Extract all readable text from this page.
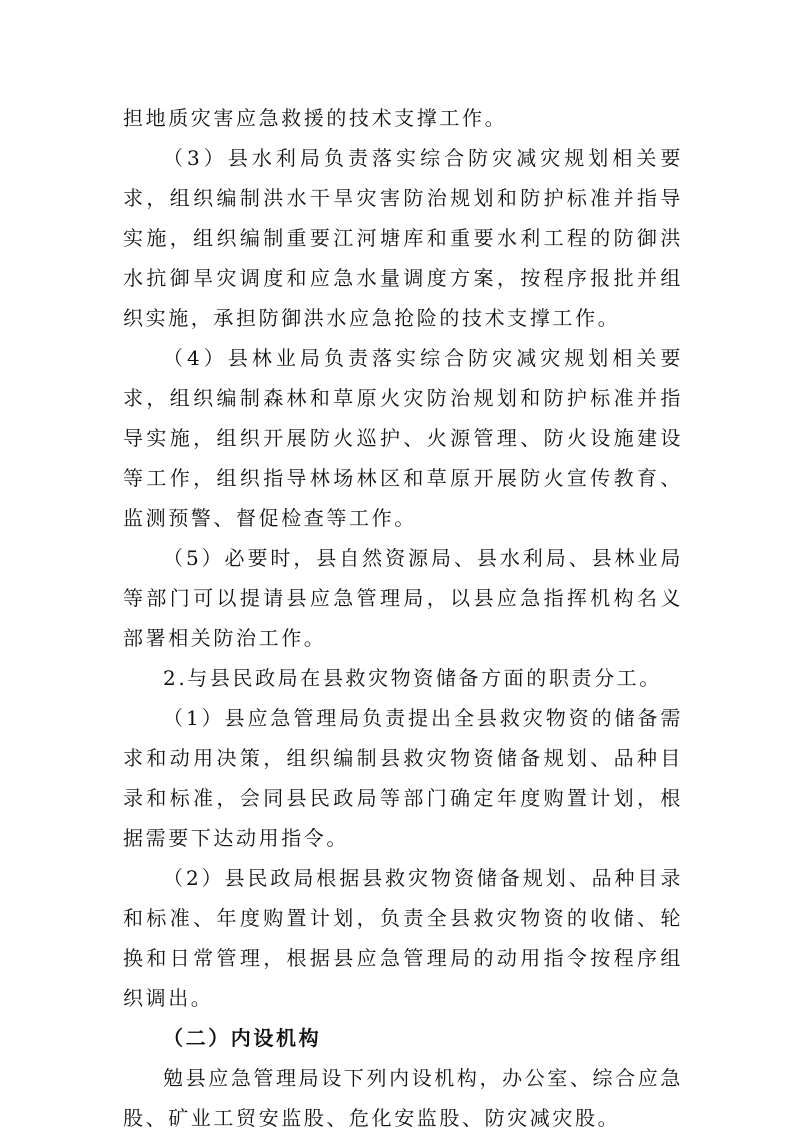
担地质灾害应急救援的技术支撑工作。

（3）县水利局负责落实综合防灾减灾规划相关要求，组织编制洪水干旱灾害防治规划和防护标准并指导实施，组织编制重要江河塘库和重要水利工程的防御洪水抗御旱灾调度和应急水量调度方案，按程序报批并组织实施，承担防御洪水应急抢险的技术支撑工作。

（4）县林业局负责落实综合防灾减灾规划相关要求，组织编制森林和草原火灾防治规划和防护标准并指导实施，组织开展防火巡护、火源管理、防火设施建设等工作，组织指导林场林区和草原开展防火宣传教育、监测预警、督促检查等工作。

（5）必要时，县自然资源局、县水利局、县林业局等部门可以提请县应急管理局，以县应急指挥机构名义部署相关防治工作。

2.与县民政局在县救灾物资储备方面的职责分工。

（1）县应急管理局负责提出全县救灾物资的储备需求和动用决策，组织编制县救灾物资储备规划、品种目录和标准，会同县民政局等部门确定年度购置计划，根据需要下达动用指令。

（2）县民政局根据县救灾物资储备规划、品种目录和标准、年度购置计划，负责全县救灾物资的收储、轮换和日常管理，根据县应急管理局的动用指令按程序组织调出。

（二）内设机构

勉县应急管理局设下列内设机构，办公室、综合应急股、矿业工贸安监股、危化安监股、防灾减灾股。
